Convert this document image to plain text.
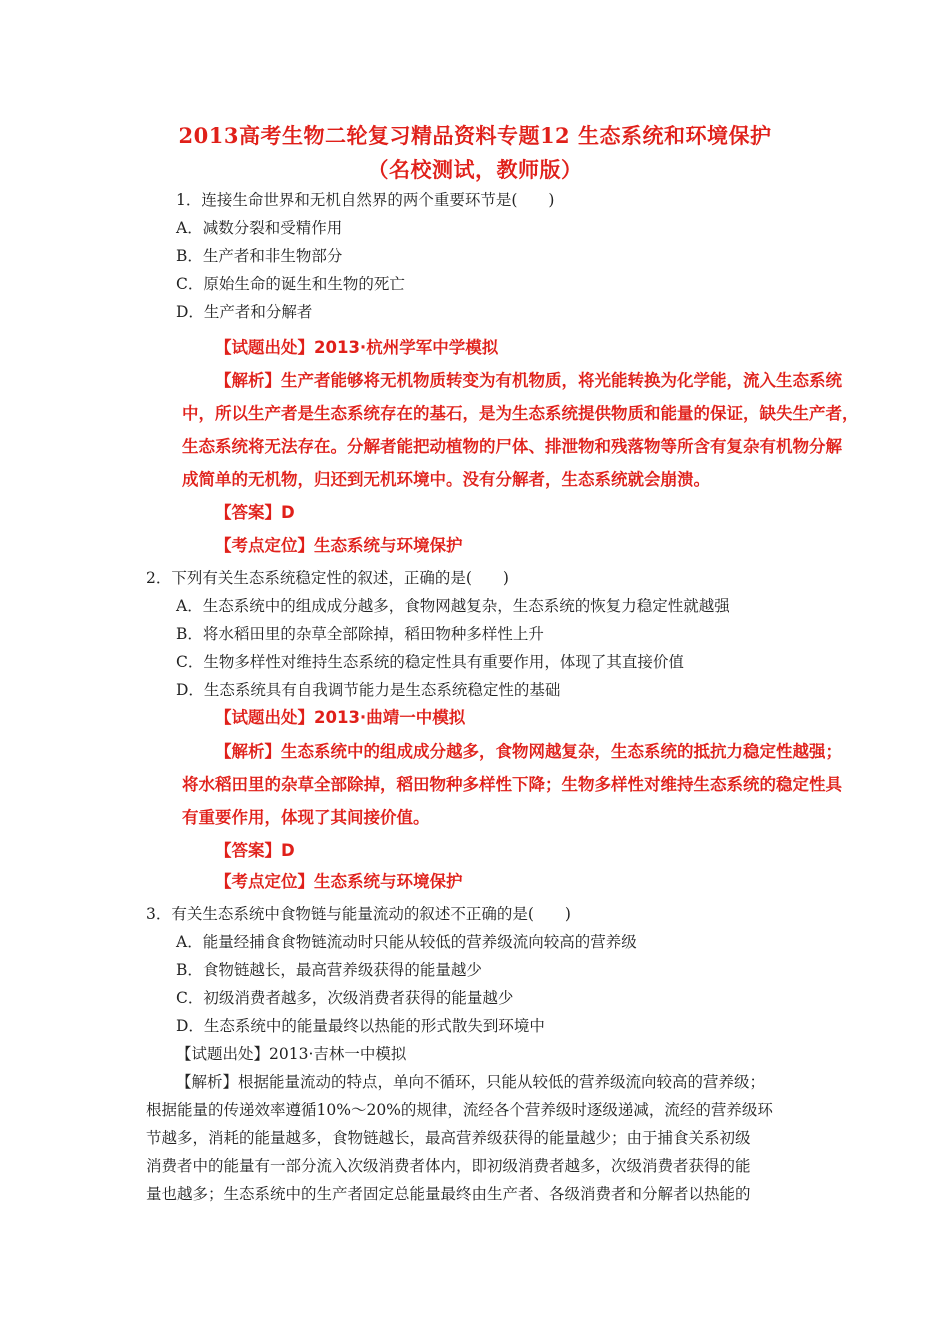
2013高考生物二轮复习精品资料专题12 生态系统和环境保护
（名校测试，教师版）
1．连接生命世界和无机自然界的两个重要环节是(　　)
A．减数分裂和受精作用
B．生产者和非生物部分
C．原始生命的诞生和生物的死亡
D．生产者和分解者
【试题出处】2013·杭州学军中学模拟
【解析】生产者能够将无机物质转变为有机物质，将光能转换为化学能，流入生态系统
中，所以生产者是生态系统存在的基石，是为生态系统提供物质和能量的保证，缺失生产者，
生态系统将无法存在。分解者能把动植物的尸体、排泄物和残落物等所含有复杂有机物分解
成简单的无机物，归还到无机环境中。没有分解者，生态系统就会崩溃。
【答案】D
【考点定位】生态系统与环境保护
2．下列有关生态系统稳定性的叙述，正确的是(　　)
A．生态系统中的组成成分越多，食物网越复杂，生态系统的恢复力稳定性就越强
B．将水稻田里的杂草全部除掉，稻田物种多样性上升
C．生物多样性对维持生态系统的稳定性具有重要作用，体现了其直接价值
D．生态系统具有自我调节能力是生态系统稳定性的基础
【试题出处】2013·曲靖一中模拟
【解析】生态系统中的组成成分越多，食物网越复杂，生态系统的抵抗力稳定性越强；
将水稻田里的杂草全部除掉，稻田物种多样性下降；生物多样性对维持生态系统的稳定性具
有重要作用，体现了其间接价值。
【答案】D
【考点定位】生态系统与环境保护
3．有关生态系统中食物链与能量流动的叙述不正确的是(　　)
A．能量经捕食食物链流动时只能从较低的营养级流向较高的营养级
B．食物链越长，最高营养级获得的能量越少
C．初级消费者越多，次级消费者获得的能量越少
D．生态系统中的能量最终以热能的形式散失到环境中
【试题出处】2013·吉林一中模拟
【解析】根据能量流动的特点，单向不循环，只能从较低的营养级流向较高的营养级；
根据能量的传递效率遵循10%～20%的规律，流经各个营养级时逐级递减，流经的营养级环
节越多，消耗的能量越多，食物链越长，最高营养级获得的能量越少；由于捕食关系初级
消费者中的能量有一部分流入次级消费者体内，即初级消费者越多，次级消费者获得的能
量也越多；生态系统中的生产者固定总能量最终由生产者、各级消费者和分解者以热能的
